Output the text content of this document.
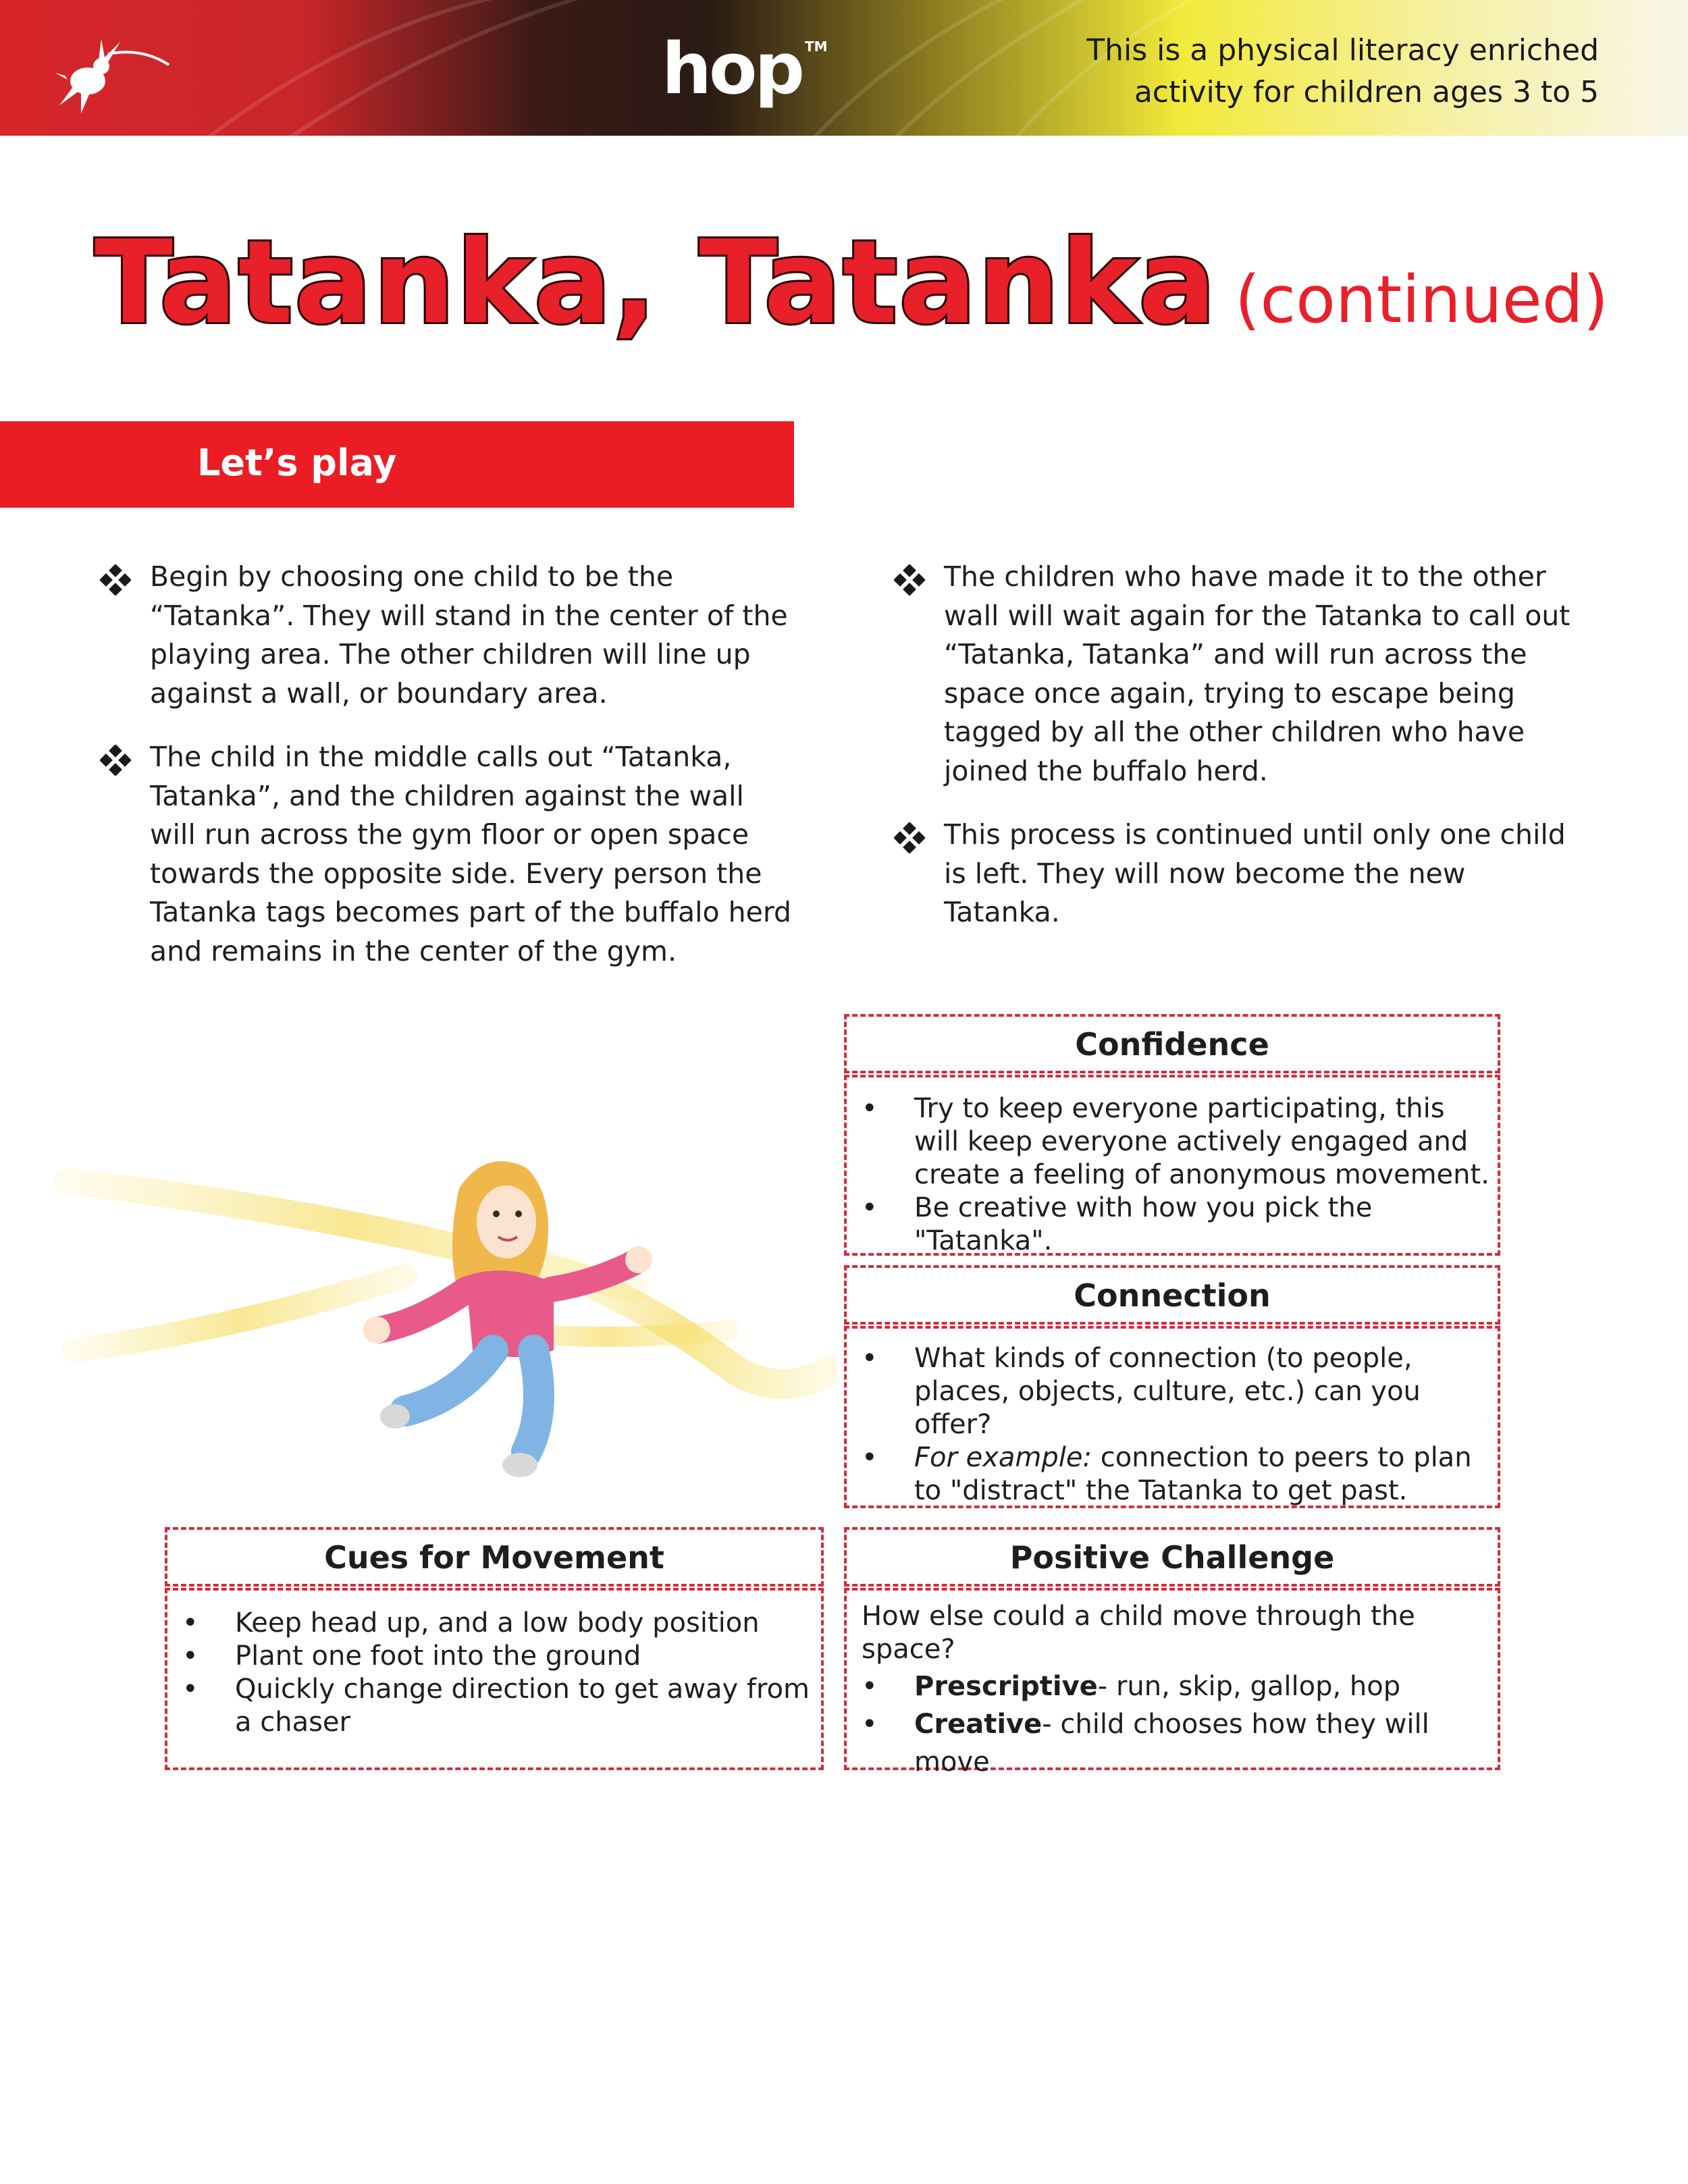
hop ™	This is a physical literacy enriched
activity for children ages 3 to 5
Tatanka, Tatanka (continued)
Let’s play
Begin by choosing one child to be the “Tatanka”. They will stand in the center of the playing area. The other children will line up against a wall, or boundary area.
The child in the middle calls out “Tatanka, Tatanka”, and the children against the wall will run across the gym floor or open space towards the opposite side. Every person the Tatanka tags becomes part of the buffalo herd and remains in the center of the gym.
The children who have made it to the other wall will wait again for the Tatanka to call out “Tatanka, Tatanka” and will run across the space once again, trying to escape being tagged by all the other children who have joined the buffalo herd.
This process is continued until only one child is left. They will now become the new Tatanka.
Confidence
• Try to keep everyone participating, this will keep everyone actively engaged and create a feeling of anonymous movement.
• Be creative with how you pick the "Tatanka".
Connection
• What kinds of connection (to people, places, objects, culture, etc.) can you offer?
• For example: connection to peers to plan to "distract" the Tatanka to get past.
Cues for Movement
• Keep head up, and a low body position
• Plant one foot into the ground
• Quickly change direction to get away from a chaser
Positive Challenge
How else could a child move through the space?
• Prescriptive- run, skip, gallop, hop
• Creative- child chooses how they will move
